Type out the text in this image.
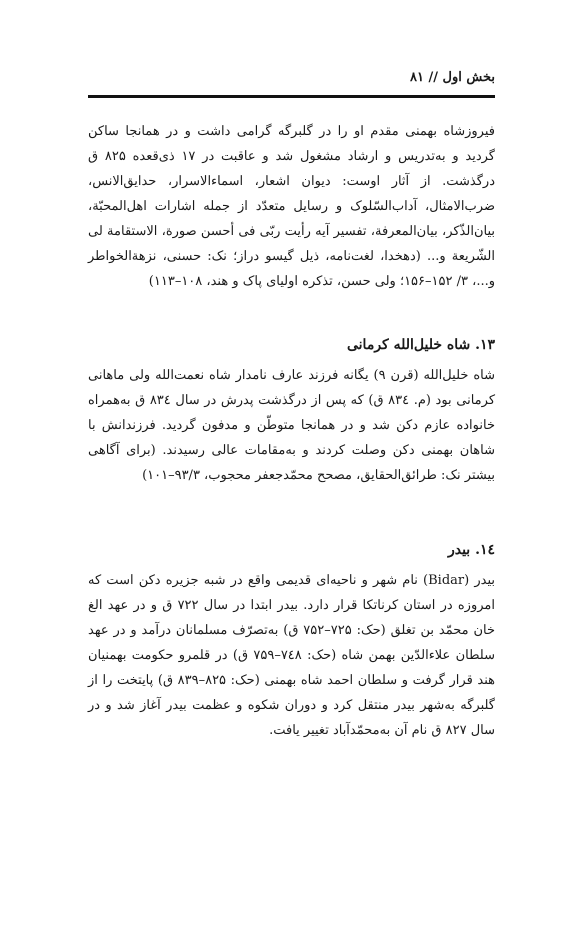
بخش اول // ۸۱

فیروزشاه بهمنی مقدم او را در گلبرگه گرامی داشت و در همانجا ساکن گردید و به‌تدریس و ارشاد مشغول شد و عاقبت در ۱۷ ذی‌قعده ۸۲۵ ق درگذشت. از آثار اوست: دیوان اشعار، اسماءالاسرار، حدایق‌الانس، ضرب‌الامثال، آداب‌السّلوک و رسایل متعدّد از جمله اشارات اهل‌المحبّة، بیان‌الذّکر، بیان‌المعرفة، تفسیر آیه رأیت ربّی فی أحسن صورة، الاستقامة لی الشّریعة و... (دهخدا، لغت‌نامه، ذیل گیسو دراز؛ نک: حسنی، نزهة‌الخواطر و...، ۳/ ۱۵۲–۱۵۶؛ ولی حسن، تذکره اولیای پاک و هند، ۱۰۸–۱۱۳)

۱۳. شاه خلیل‌الله کرمانی

شاه خلیل‌الله (قرن ۹) یگانه فرزند عارف نامدار شاه نعمت‌الله ولی ماهانی کرمانی بود (م. ۸۳٤ ق) که پس از درگذشت پدرش در سال ۸۳٤ ق به‌همراه خانواده عازم دکن شد و در همانجا متوطّن و مدفون گردید. فرزندانش با شاهان بهمنی دکن وصلت کردند و به‌مقامات عالی رسیدند. (برای آگاهی بیشتر نک: طرائق‌الحقایق، مصحح محمّدجعفر محجوب، ۹۳/۳–۱۰۱)

۱٤. بیدر

بیدر (Bidar) نام شهر و ناحیه‌ای قدیمی واقع در شبه جزیره دکن است که امروزه در استان کرناتکا قرار دارد. بیدر ابتدا در سال ۷۲۲ ق و در عهد الغ خان محمّد بن تغلق (حک: ۷۲۵–۷۵۲ ق) به‌تصرّف مسلمانان درآمد و در عهد سلطان علاءالدّین بهمن شاه (حک: ۷٤۸–۷۵۹ ق) در قلمرو حکومت بهمنیان هند قرار گرفت و سلطان احمد شاه بهمنی (حک: ۸۲۵–۸۳۹ ق) پایتخت را از گلبرگه به‌شهر بیدر منتقل کرد و دوران شکوه و عظمت بیدر آغاز شد و در سال ۸۲۷ ق نام آن به‌محمّدآباد تغییر یافت.
